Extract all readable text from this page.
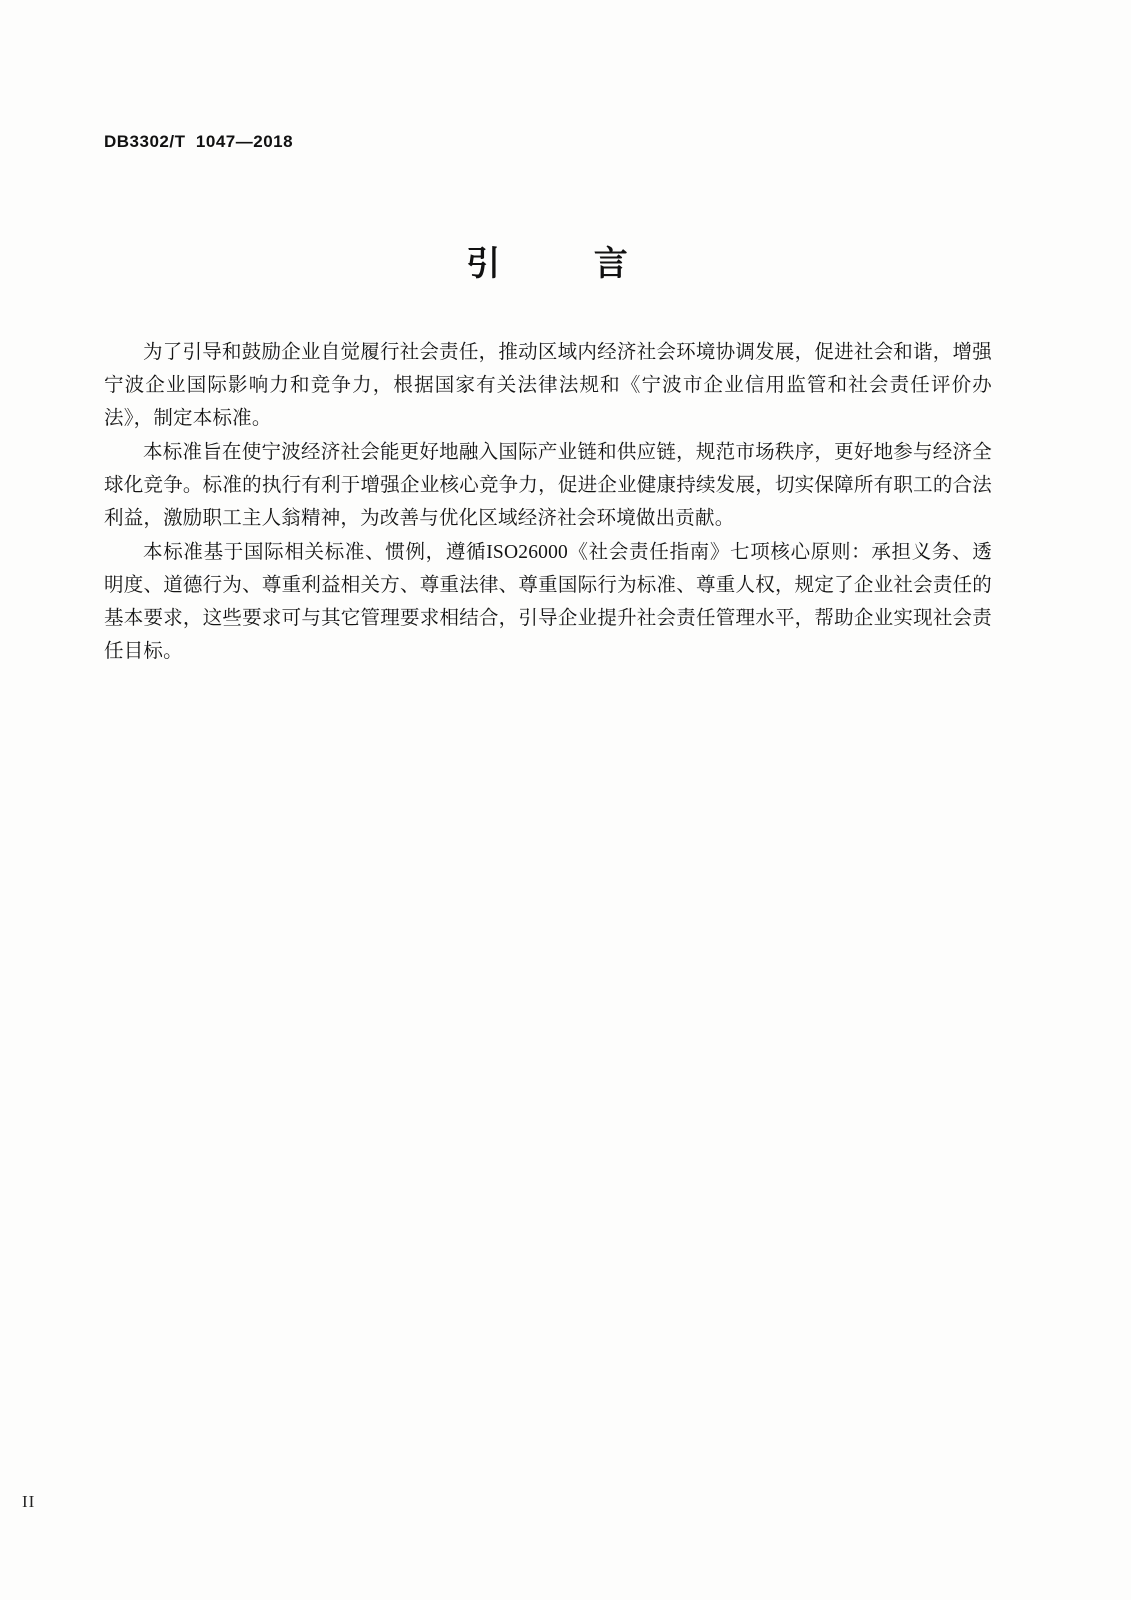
DB3302/T  1047—2018
引        言

为了引导和鼓励企业自觉履行社会责任，推动区域内经济社会环境协调发展，促进社会和谐，增强宁波企业国际影响力和竞争力，根据国家有关法律法规和《宁波市企业信用监管和社会责任评价办法》，制定本标准。

本标准旨在使宁波经济社会能更好地融入国际产业链和供应链，规范市场秩序，更好地参与经济全球化竞争。标准的执行有利于增强企业核心竞争力，促进企业健康持续发展，切实保障所有职工的合法利益，激励职工主人翁精神，为改善与优化区域经济社会环境做出贡献。

本标准基于国际相关标准、惯例，遵循ISO26000《社会责任指南》七项核心原则：承担义务、透明度、道德行为、尊重利益相关方、尊重法律、尊重国际行为标准、尊重人权，规定了企业社会责任的基本要求，这些要求可与其它管理要求相结合，引导企业提升社会责任管理水平，帮助企业实现社会责任目标。

II
